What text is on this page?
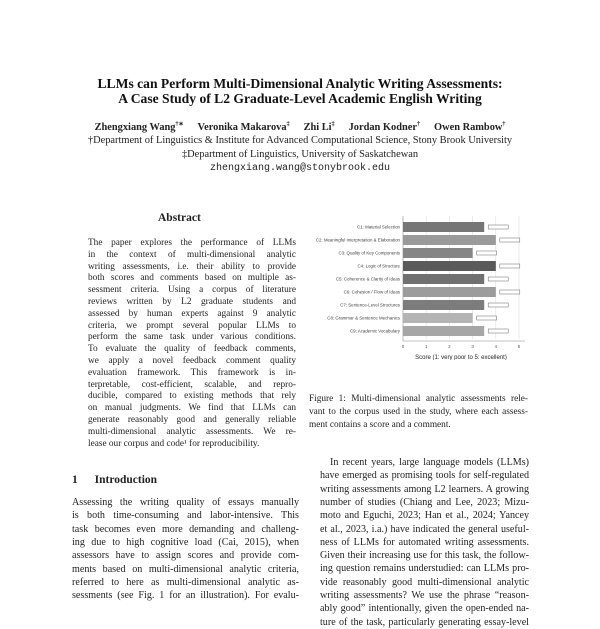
LLMs can Perform Multi-Dimensional Analytic Writing Assessments:
A Case Study of L2 Graduate-Level Academic English Writing
Zhengxiang Wang†∗ Veronika Makarova‡ Zhi Li‡ Jordan Kodner† Owen Rambow†
†Department of Linguistics & Institute for Advanced Computational Science, Stony Brook University
‡Department of Linguistics, University of Saskatchewan
zhengxiang.wang@stonybrook.edu
Abstract
The paper explores the performance of LLMs
in the context of multi-dimensional analytic
writing assessments, i.e. their ability to provide
both scores and comments based on multiple as-
sessment criteria. Using a corpus of literature
reviews written by L2 graduate students and
assessed by human experts against 9 analytic
criteria, we prompt several popular LLMs to
perform the same task under various conditions.
To evaluate the quality of feedback comments,
we apply a novel feedback comment quality
evaluation framework. This framework is in-
terpretable, cost-efficient, scalable, and repro-
ducible, compared to existing methods that rely
on manual judgments. We find that LLMs can
generate reasonably good and generally reliable
multi-dimensional analytic assessments. We re-
lease our corpus and code¹ for reproducibility.
1 Introduction
Assessing the writing quality of essays manually
is both time-consuming and labor-intensive. This
task becomes even more demanding and challeng-
ing due to high cognitive load (Cai, 2015), when
assessors have to assign scores and provide com-
ments based on multi-dimensional analytic criteria,
referred to here as multi-dimensional analytic as-
sessments (see Fig. 1 for an illustration). For evalu-
0	1	2	3	4	5
C1: Material Selection
C2: Meaningful Interpretation & Elaboration
C3: Quality of Key Components
C4: Logic of Structure
C5: Coherence & Clarity of Ideas
C6: Cohesion / Flow of Ideas
C7: Sentence-Level Structures
C8: Grammar & Sentence Mechanics
C9: Academic Vocabulary
Score (1: very poor to 5: excellent)
Figure 1: Multi-dimensional analytic assessments rele-
vant to the corpus used in the study, where each assess-
ment contains a score and a comment.
In recent years, large language models (LLMs)
have emerged as promising tools for self-regulated
writing assessments among L2 learners. A growing
number of studies (Chiang and Lee, 2023; Mizu-
moto and Eguchi, 2023; Han et al., 2024; Yancey
et al., 2023, i.a.) have indicated the general useful-
ness of LLMs for automated writing assessments.
Given their increasing use for this task, the follow-
ing question remains understudied: can LLMs pro-
vide reasonably good multi-dimensional analytic
writing assessments? We use the phrase “reason-
ably good” intentionally, given the open-ended na-
ture of the task, particularly generating essay-level
